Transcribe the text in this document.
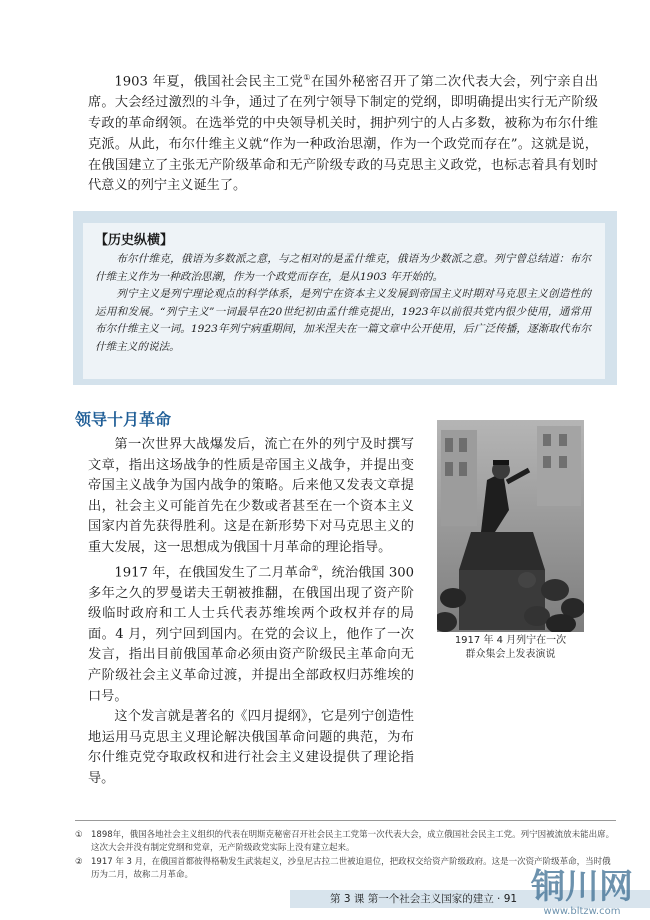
1903 年夏，俄国社会民主工党①在国外秘密召开了第二次代表大会，列宁亲自出席。大会经过激烈的斗争，通过了在列宁领导下制定的党纲，即明确提出实行无产阶级专政的革命纲领。在选举党的中央领导机关时，拥护列宁的人占多数，被称为布尔什维克派。从此，布尔什维主义就“作为一种政治思潮，作为一个政党而存在”。这就是说，在俄国建立了主张无产阶级革命和无产阶级专政的马克思主义政党，也标志着具有划时代意义的列宁主义诞生了。

【历史纵横】

布尔什维克，俄语为多数派之意，与之相对的是孟什维克，俄语为少数派之意。列宁曾总结道：布尔什维主义作为一种政治思潮，作为一个政党而存在，是从1903 年开始的。

列宁主义是列宁理论观点的科学体系，是列宁在资本主义发展到帝国主义时期对马克思主义创造性的运用和发展。“列宁主义”一词最早在20世纪初由孟什维克提出，1923年以前很共党内很少使用，通常用布尔什维主义一词。1923年列宁病重期间，加米涅夫在一篇文章中公开使用，后广泛传播，逐渐取代布尔什维主义的说法。

领导十月革命

第一次世界大战爆发后，流亡在外的列宁及时撰写文章，指出这场战争的性质是帝国主义战争，并提出变帝国主义战争为国内战争的策略。后来他又发表文章提出，社会主义可能首先在少数或者甚至在一个资本主义国家内首先获得胜利。这是在新形势下对马克思主义的重大发展，这一思想成为俄国十月革命的理论指导。

1917 年，在俄国发生了二月革命②，统治俄国 300 多年之久的罗曼诺夫王朝被推翻，在俄国出现了资产阶级临时政府和工人士兵代表苏维埃两个政权并存的局面。4 月，列宁回到国内。在党的会议上，他作了一次发言，指出目前俄国革命必须由资产阶级民主革命向无产阶级社会主义革命过渡，并提出全部政权归苏维埃的口号。

这个发言就是著名的《四月提纲》，它是列宁创造性地运用马克思主义理论解决俄国革命问题的典范，为布尔什维克党夺取政权和进行社会主义建设提供了理论指导。

1917 年 4 月列宁在一次
群众集会上发表演说
① 1898年，俄国各地社会主义组织的代表在明斯克秘密召开社会民主工党第一次代表大会，成立俄国社会民主工党。列宁因被流放未能出席。这次大会并没有制定党纲和党章，无产阶级政党实际上没有建立起来。
② 1917 年 3 月，在俄国首都彼得格勒发生武装起义，沙皇尼古拉二世被迫退位，把政权交给资产阶级政府。这是一次资产阶级革命，当时俄历为二月，故称二月革命。
第 3 课 第一个社会主义国家的建立 · 91 铜川网
www.bltzw.com
